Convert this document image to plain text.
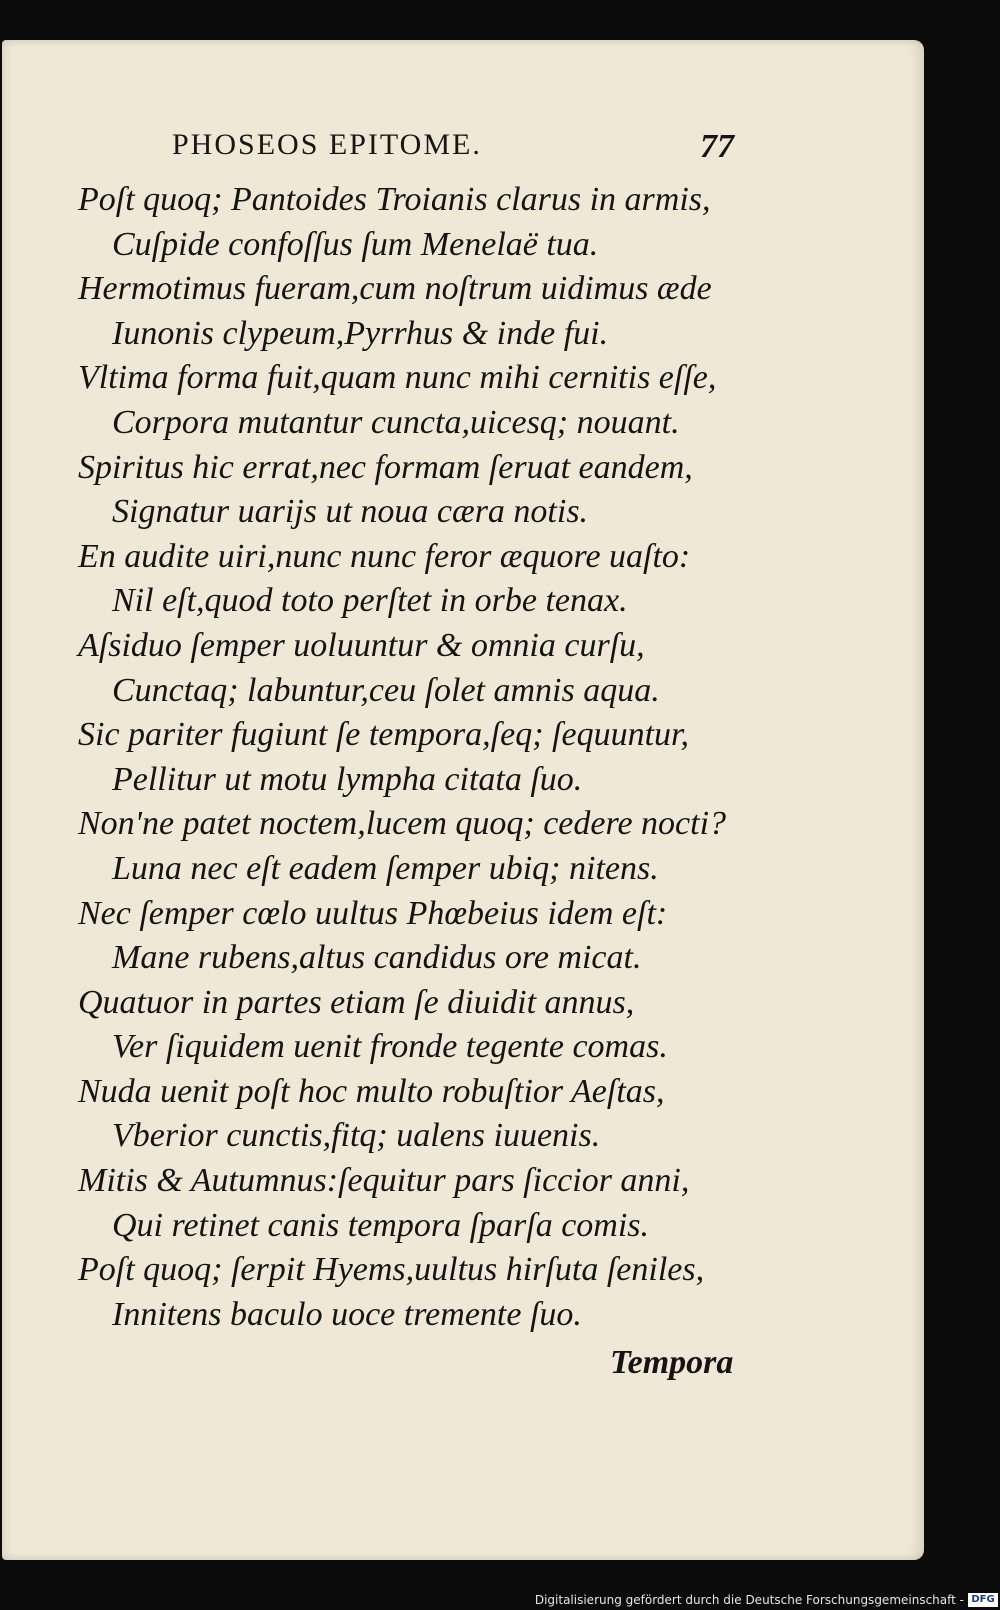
PHOSEOS EPITOME.	77
Poſt quoq; Pantoides Troianis clarus in armis,
Cuſpide confoſſus ſum Menelaë tua.
Hermotimus fueram,cum noſtrum uidimus æde
Iunonis clypeum,Pyrrhus & inde fui.
Vltima forma fuit,quam nunc mihi cernitis eſſe,
Corpora mutantur cuncta,uicesq; nouant.
Spiritus hic errat,nec formam ſeruat eandem,
Signatur uarijs ut noua cæra notis.
En audite uiri,nunc nunc feror æquore uaſto:
Nil eſt,quod toto perſtet in orbe tenax.
Aſsiduo ſemper uoluuntur & omnia curſu,
Cunctaq; labuntur,ceu ſolet amnis aqua.
Sic pariter fugiunt ſe tempora,ſeq; ſequuntur,
Pellitur ut motu lympha citata ſuo.
Non'ne patet noctem,lucem quoq; cedere nocti?
Luna nec eſt eadem ſemper ubiq; nitens.
Nec ſemper cœlo uultus Phœbeius idem eſt:
Mane rubens,altus candidus ore micat.
Quatuor in partes etiam ſe diuidit annus,
Ver ſiquidem uenit fronde tegente comas.
Nuda uenit poſt hoc multo robuſtior Aeſtas,
Vberior cunctis,fitq; ualens iuuenis.
Mitis & Autumnus:ſequitur pars ſiccior anni,
Qui retinet canis tempora ſparſa comis.
Poſt quoq; ſerpit Hyems,uultus hirſuta ſeniles,
Innitens baculo uoce tremente ſuo.
Tempora
Digitalisierung gefördert durch die Deutsche Forschungsgemeinschaft - DFG
